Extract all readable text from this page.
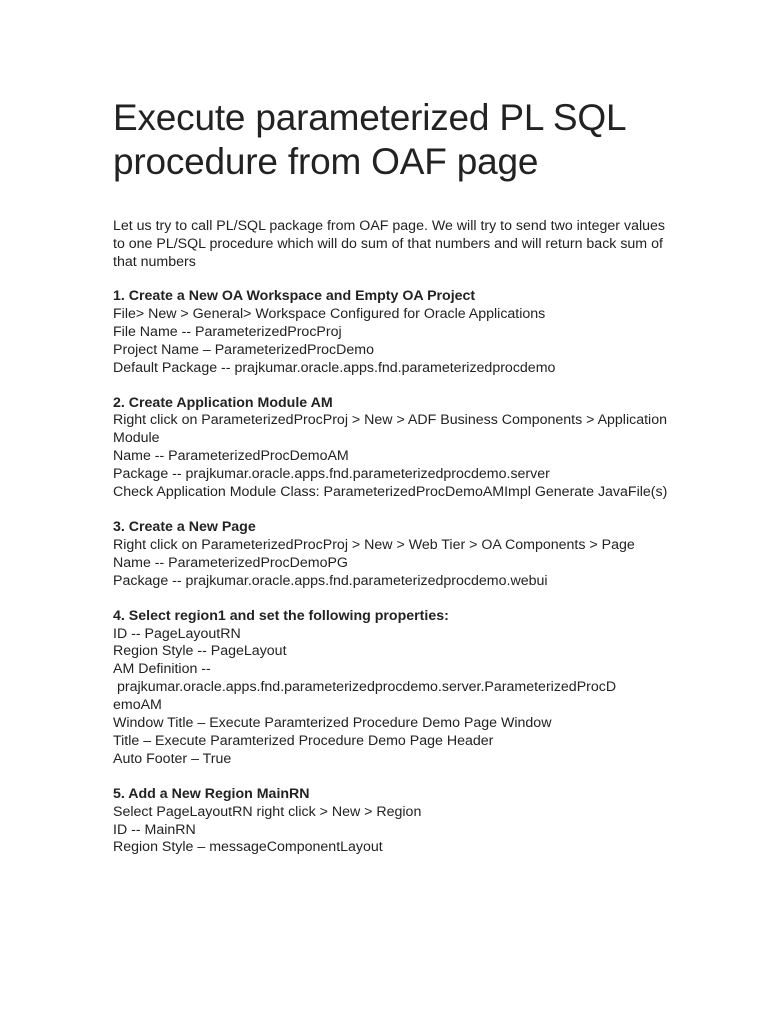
Execute parameterized PL SQL procedure from OAF page

Let us try to call PL/SQL package from OAF page. We will try to send two integer values to one PL/SQL procedure which will do sum of that numbers and will return back sum of that numbers

1. Create a New OA Workspace and Empty OA Project
File> New > General> Workspace Configured for Oracle Applications
File Name -- ParameterizedProcProj
Project Name – ParameterizedProcDemo
Default Package -- prajkumar.oracle.apps.fnd.parameterizedprocdemo
2. Create Application Module AM
Right click on ParameterizedProcProj > New > ADF Business Components > Application Module
Name -- ParameterizedProcDemoAM
Package -- prajkumar.oracle.apps.fnd.parameterizedprocdemo.server
Check Application Module Class: ParameterizedProcDemoAMImpl Generate JavaFile(s)
3. Create a New Page
Right click on ParameterizedProcProj > New > Web Tier > OA Components > Page
Name -- ParameterizedProcDemoPG
Package -- prajkumar.oracle.apps.fnd.parameterizedprocdemo.webui
4. Select region1 and set the following properties:
ID -- PageLayoutRN
Region Style -- PageLayout
AM Definition --
prajkumar.oracle.apps.fnd.parameterizedprocdemo.server.ParameterizedProcD
emoAM
Window Title – Execute Paramterized Procedure Demo Page Window
Title – Execute Paramterized Procedure Demo Page Header
Auto Footer – True
5. Add a New Region MainRN
Select PageLayoutRN right click > New > Region
ID -- MainRN
Region Style – messageComponentLayout
